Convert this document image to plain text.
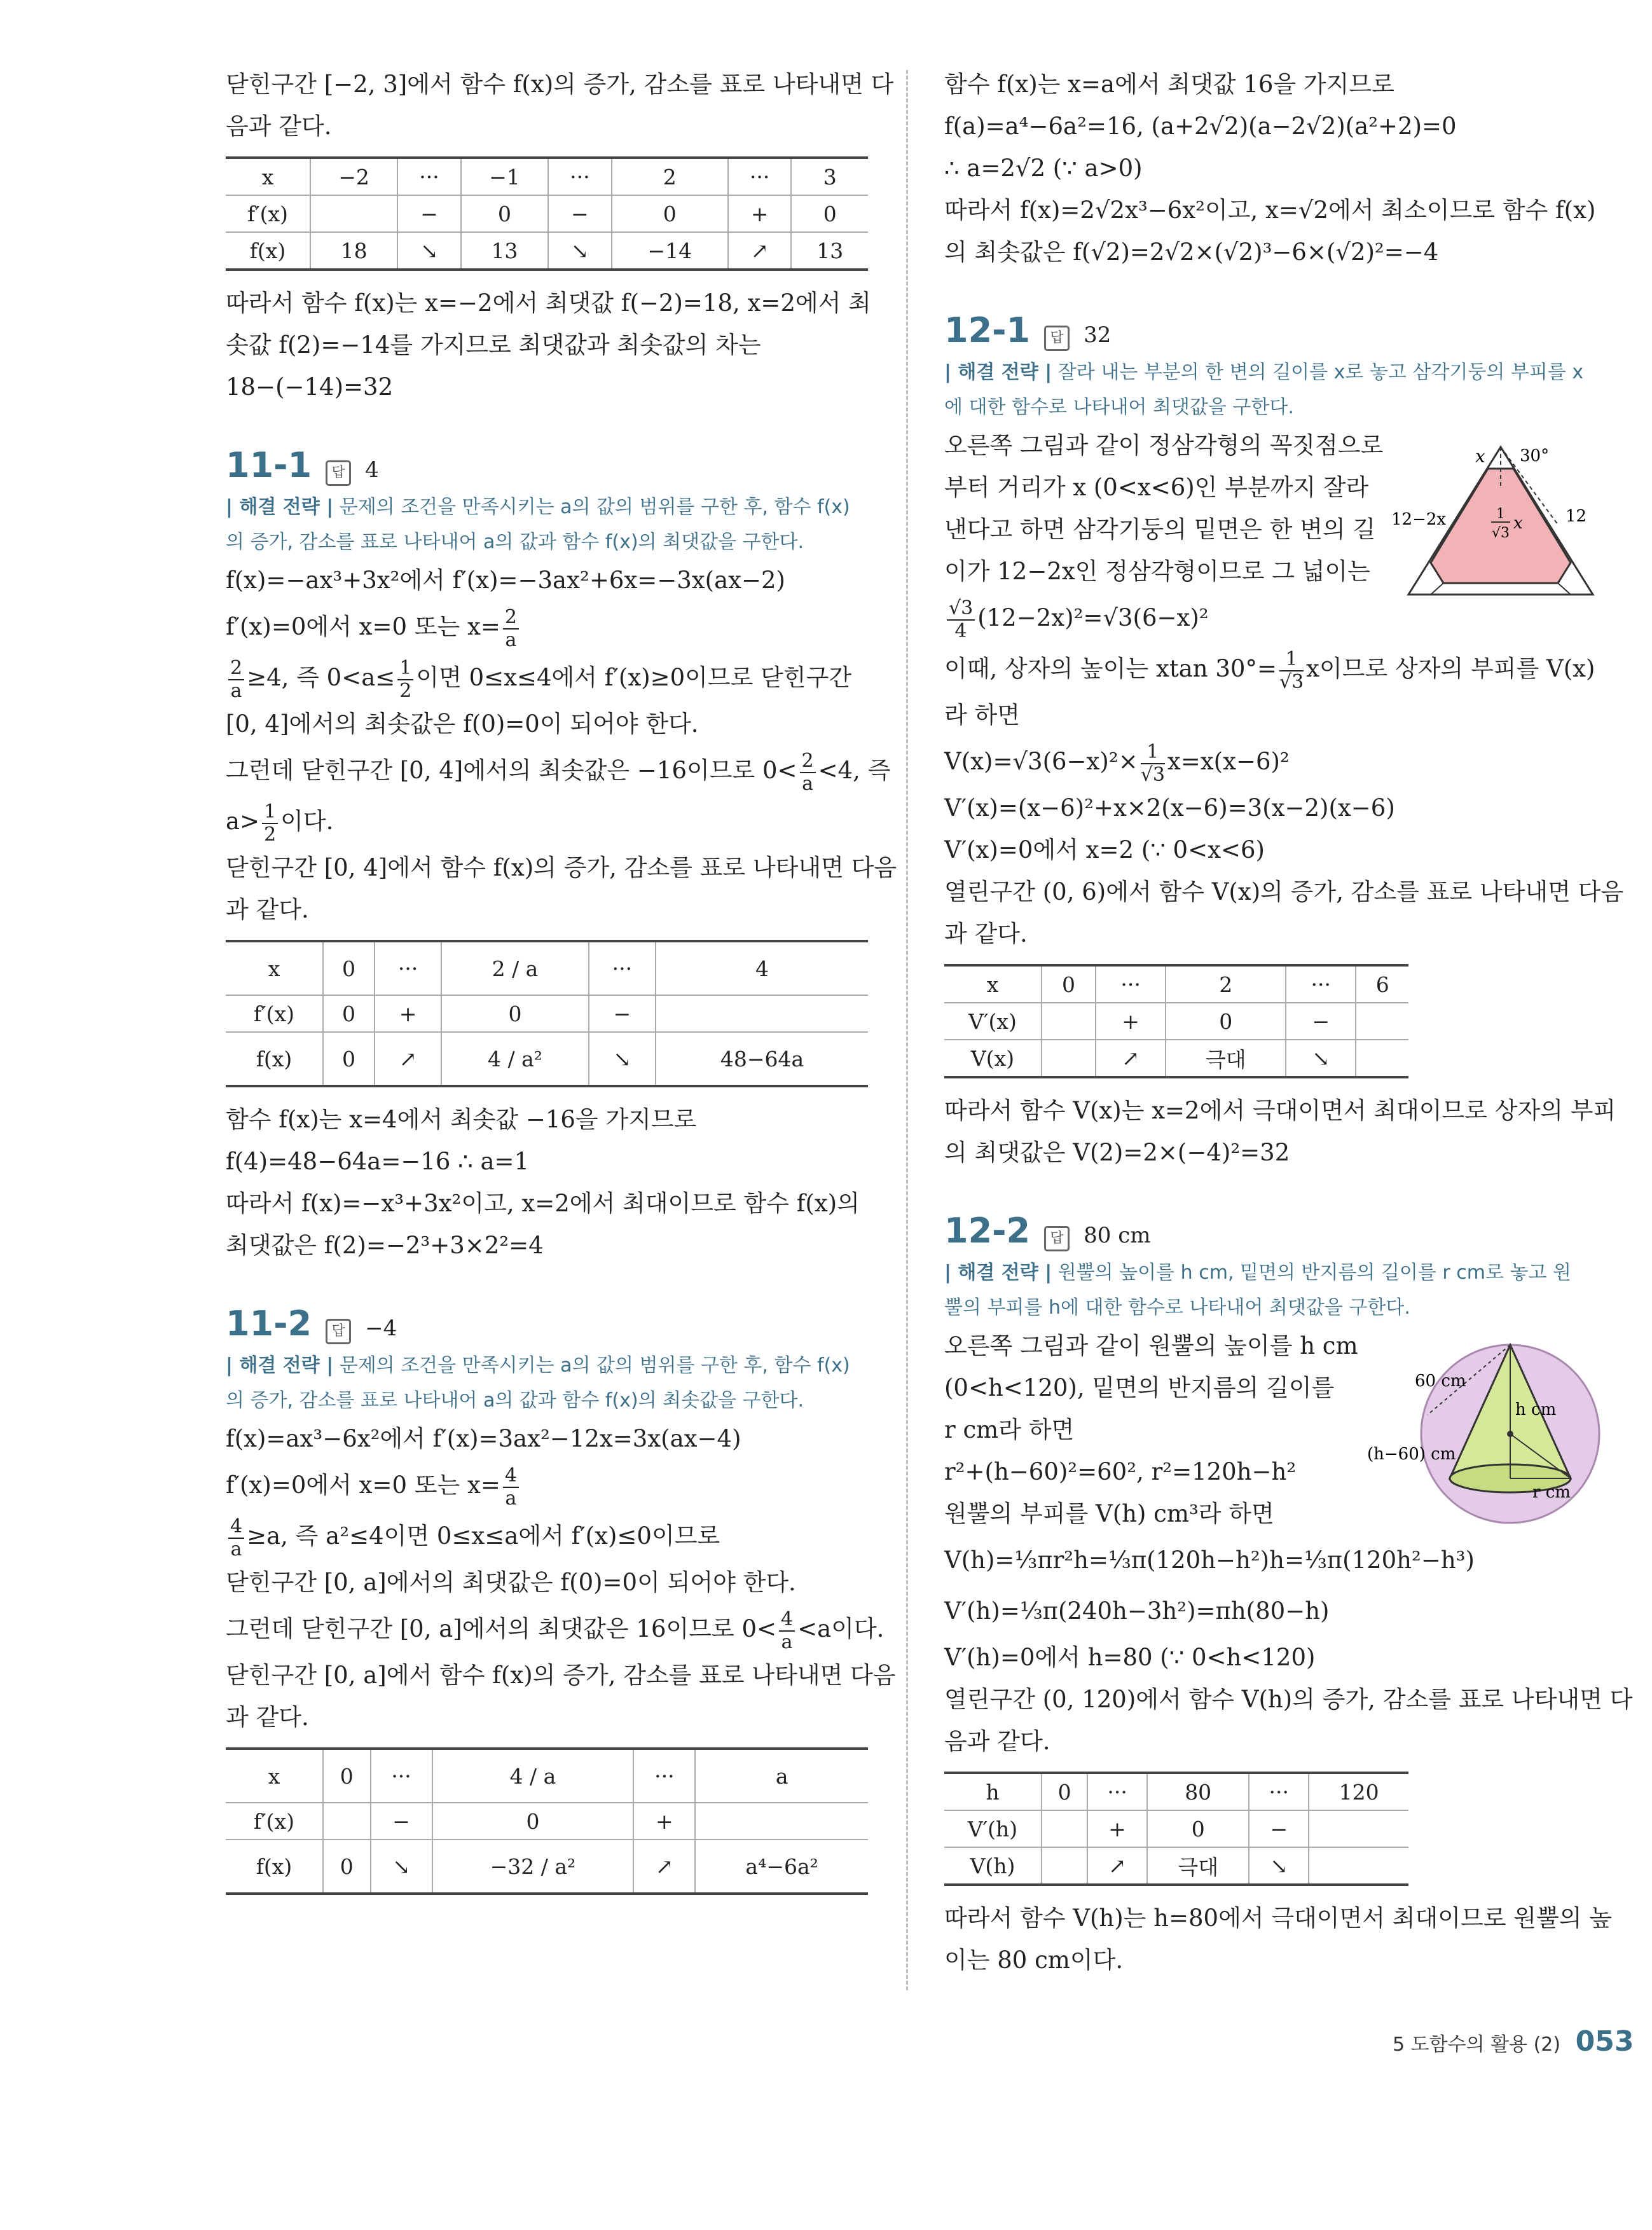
닫힌구간 [−2, 3]에서 함수 f(x)의 증가, 감소를 표로 나타내면 다

음과 같다.

x	−2	···	−1	···	2	···	3
f′(x)		−	0	−	0	+	0
f(x)	18	↘	13	↘	−14	↗	13

따라서 함수 f(x)는 x=−2에서 최댓값 f(−2)=18, x=2에서 최

솟값 f(2)=−14를 가지므로 최댓값과 최솟값의 차는

18−(−14)=32

11-1	답 4
| 해결 전략 | 문제의 조건을 만족시키는 a의 값의 범위를 구한 후, 함수 f(x)의 증가, 감소를 표로 나타내어 a의 값과 함수 f(x)의 최댓값을 구한다.

f(x)=−ax³+3x²에서 f′(x)=−3ax²+6x=−3x(ax−2)

f′(x)=0에서 x=0 또는 $x= \frac{2}{a}$

$\frac{2}{a} \ge 4$, 즉 $0<a\le \frac{1}{2}$ 이면 0≤x≤4에서 f′(x)≥0이므로 닫힌구간

[0, 4]에서의 최솟값은 f(0)=0이 되어야 한다.

그런데 닫힌구간 [0, 4]에서의 최솟값은 −16이므로 $0< \frac{2}{a} <4$, 즉

$a> \frac{1}{2}$ 이다.

닫힌구간 [0, 4]에서 함수 f(x)의 증가, 감소를 표로 나타내면 다음

과 같다.

x	0	···	2 / a	···	4
f′(x)	0	+	0	−	
f(x)	0	↗	4 / a²	↘	48−64a

함수 f(x)는 x=4에서 최솟값 −16을 가지므로

f(4)=48−64a=−16 ∴ a=1

따라서 f(x)=−x³+3x²이고, x=2에서 최대이므로 함수 f(x)의

최댓값은 f(2)=−2³+3×2²=4

11-2	답 −4
| 해결 전략 | 문제의 조건을 만족시키는 a의 값의 범위를 구한 후, 함수 f(x)의 증가, 감소를 표로 나타내어 a의 값과 함수 f(x)의 최솟값을 구한다.

f(x)=ax³−6x²에서 f′(x)=3ax²−12x=3x(ax−4)

f′(x)=0에서 x=0 또는 $x= \frac{4}{a}$

$\frac{4}{a} \ge a$, 즉 a²≤4이면 0≤x≤a에서 f′(x)≤0이므로

닫힌구간 [0, a]에서의 최댓값은 f(0)=0이 되어야 한다.

그런데 닫힌구간 [0, a]에서의 최댓값은 16이므로 $0< \frac{4}{a} <a$이다.

닫힌구간 [0, a]에서 함수 f(x)의 증가, 감소를 표로 나타내면 다음

과 같다.

x	0	···	4 / a	···	a
f′(x)		−	0	+	
f(x)	0	↘	−32 / a²	↗	a⁴−6a²

함수 f(x)는 x=a에서 최댓값 16을 가지므로

f(a)=a⁴−6a²=16, (a+2√2)(a−2√2)(a²+2)=0

∴ a=2√2 (∵ a>0)

따라서 f(x)=2√2x³−6x²이고, x=√2에서 최소이므로 함수 f(x)

의 최솟값은 f(√2)=2√2×(√2)³−6×(√2)²=−4

12-1	답 32
| 해결 전략 | 잘라 내는 부분의 한 변의 길이를 x로 놓고 삼각기둥의 부피를 x에 대한 함수로 나타내어 최댓값을 구한다.

오른쪽 그림과 같이 정삼각형의 꼭짓점으로

부터 거리가 x (0<x<6)인 부분까지 잘라

낸다고 하면 삼각기둥의 밑면은 한 변의 길

이가 12−2x인 정삼각형이므로 그 넓이는

$\frac{√3}{4} (12-2x)^2=√3(6-x)^2$

이때, 상자의 높이는 xtan $30^\circ= \frac{1}{√3}$ x이므로 상자의 부피를 V(x)

라 하면

$V(x)=√3(6-x)^2\times \frac{1}{√3} x=x(x-6)^2$

V′(x)=(x−6)²+x×2(x−6)=3(x−2)(x−6)

V′(x)=0에서 x=2 (∵ 0<x<6)

열린구간 (0, 6)에서 함수 V(x)의 증가, 감소를 표로 나타내면 다음

과 같다.

x	0	···	2	···	6
V′(x)		+	0	−	
V(x)		↗	극대	↘	

따라서 함수 V(x)는 x=2에서 극대이면서 최대이므로 상자의 부피

의 최댓값은 V(2)=2×(−4)²=32

12-2	답 80 cm
| 해결 전략 | 원뿔의 높이를 h cm, 밑면의 반지름의 길이를 r cm로 놓고 원뿔의 부피를 h에 대한 함수로 나타내어 최댓값을 구한다.

오른쪽 그림과 같이 원뿔의 높이를 h cm

(0<h<120), 밑면의 반지름의 길이를

r cm라 하면

r²+(h−60)²=60², r²=120h−h²

원뿔의 부피를 V(h) cm³라 하면

V(h)=⅓πr²h=⅓π(120h−h²)h=⅓π(120h²−h³)

V′(h)=⅓π(240h−3h²)=πh(80−h)

V′(h)=0에서 h=80 (∵ 0<h<120)

열린구간 (0, 120)에서 함수 V(h)의 증가, 감소를 표로 나타내면 다

음과 같다.

h	0	···	80	···	120
V′(h)		+	0	−	
V(h)		↗	극대	↘	

따라서 함수 V(h)는 h=80에서 극대이면서 최대이므로 원뿔의 높

이는 80 cm이다.

x 30°
12−2x	12
1
√3
x
60 cm
h cm
(h−60) cm
r cm
5 도함수의 활용 (2) 053
